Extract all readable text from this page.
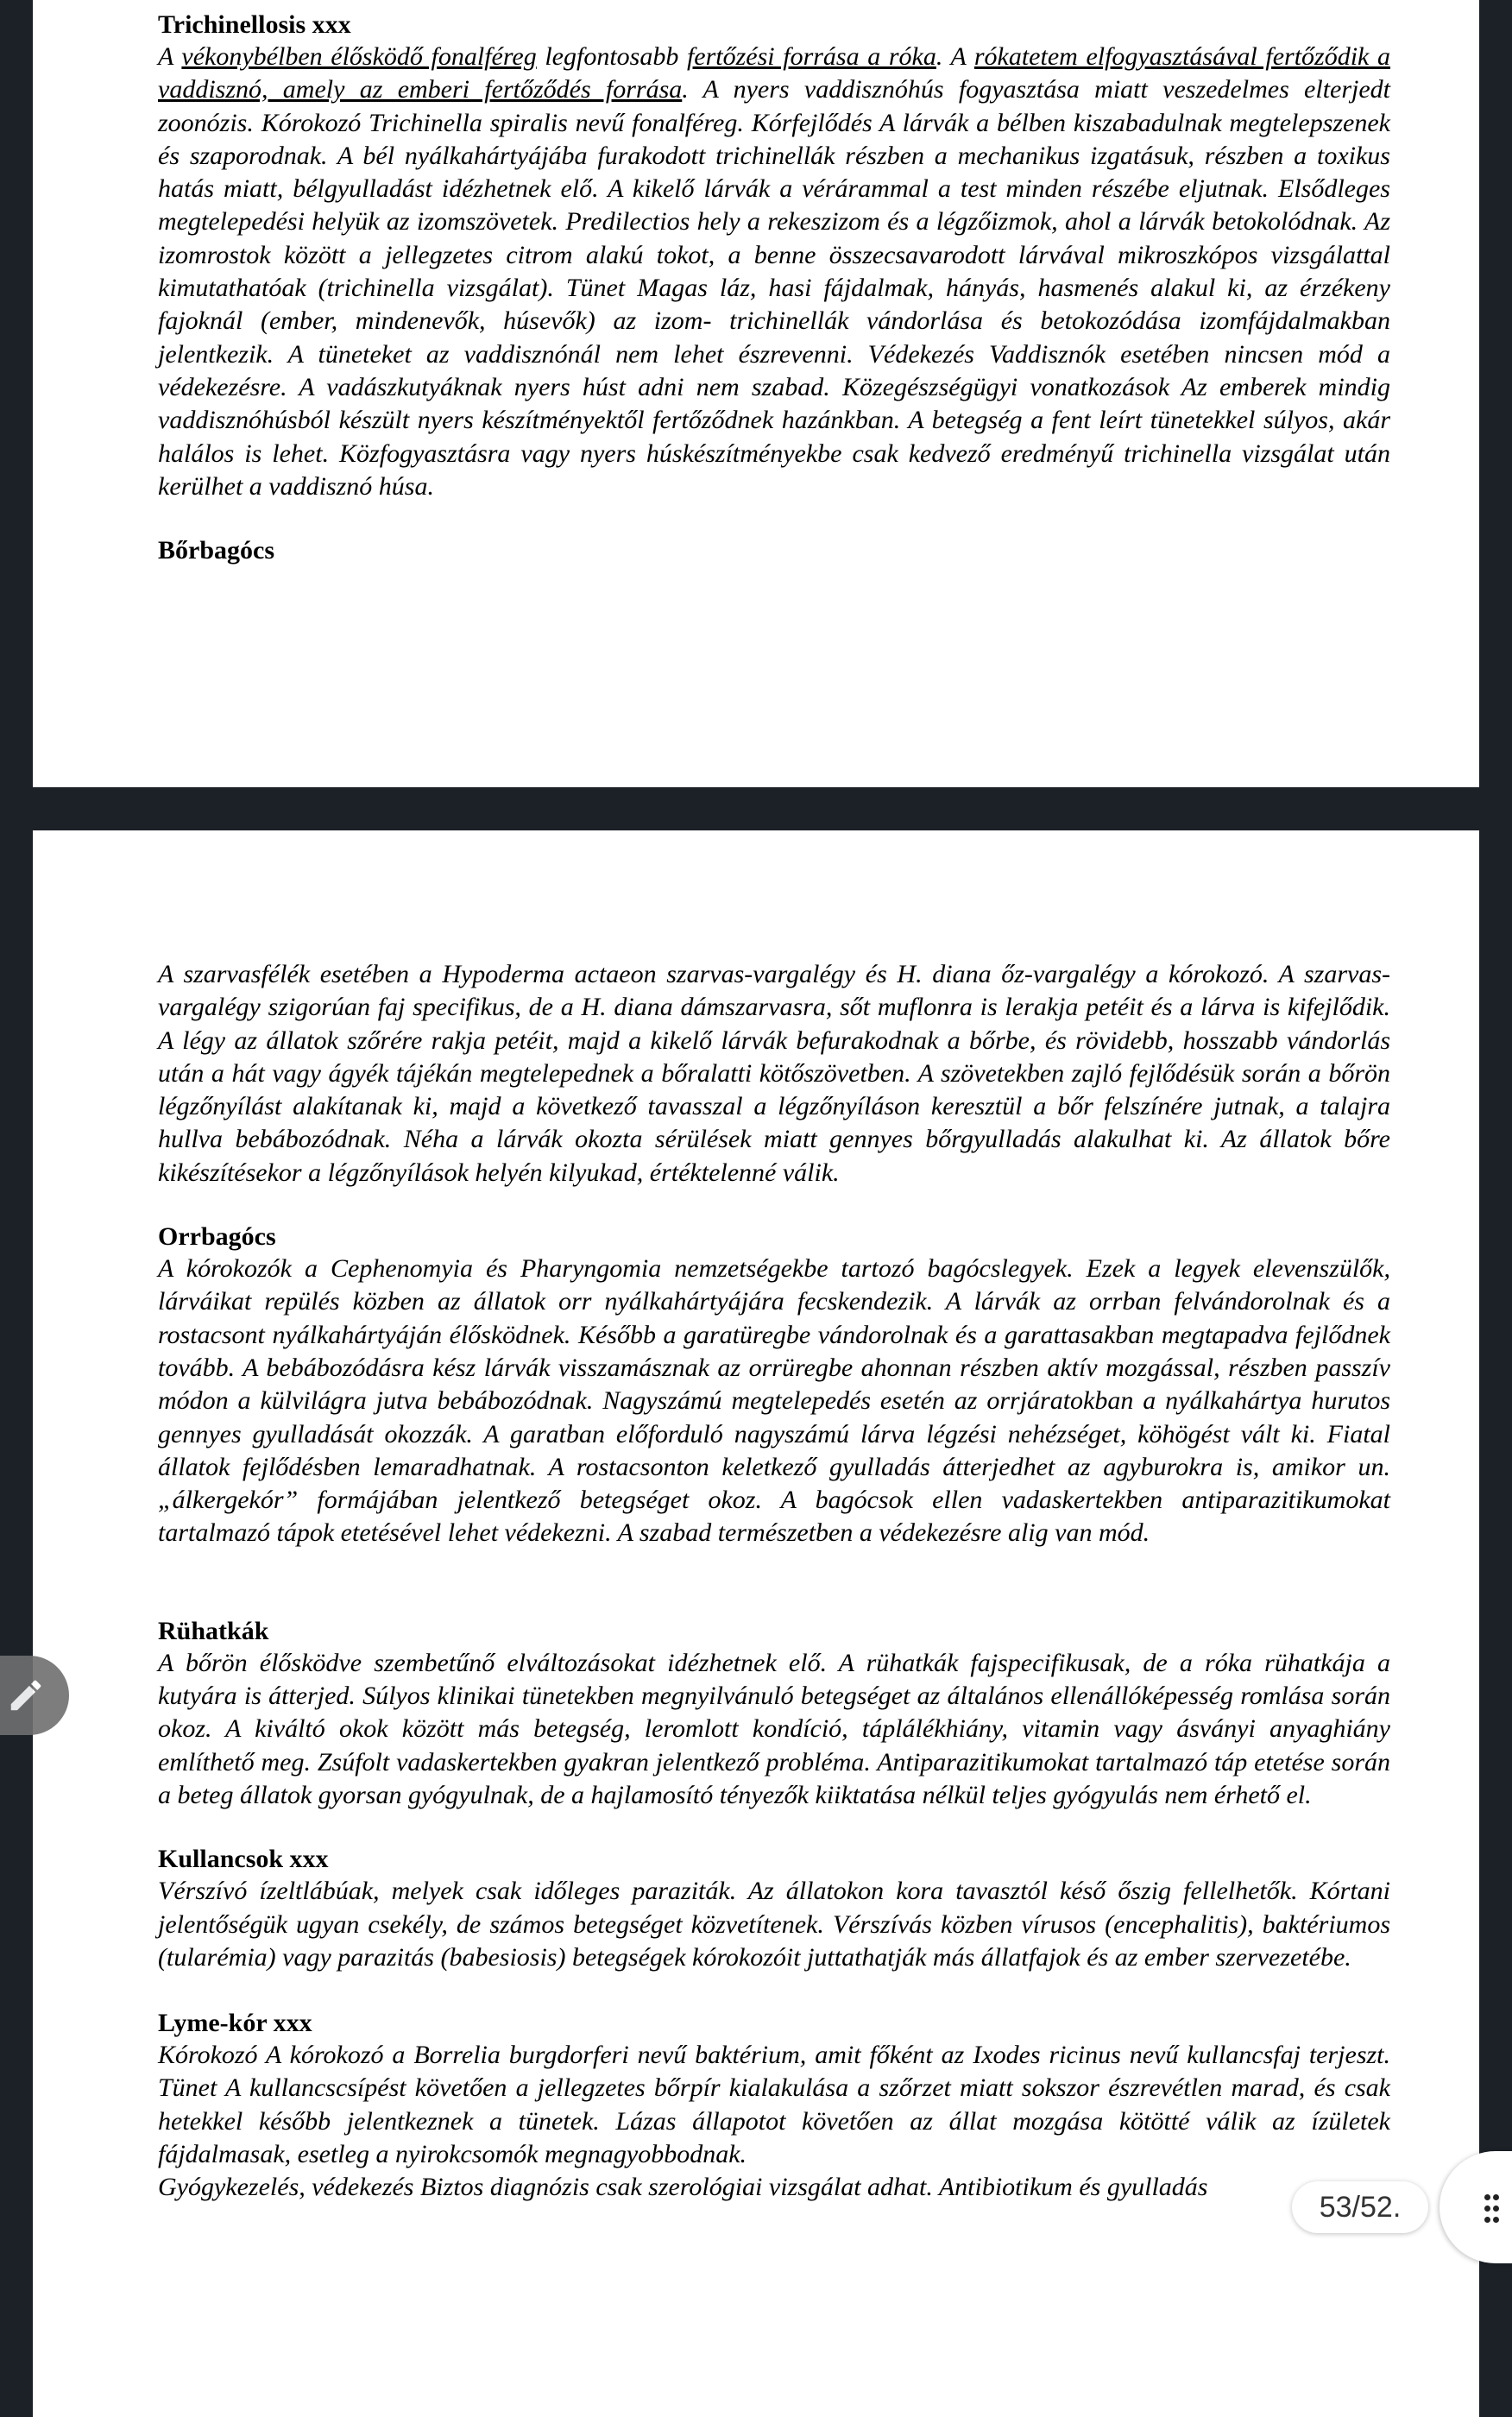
Trichinellosis xxx

A vékonybélben élősködő fonalféreg legfontosabb fertőzési forrása a róka. A rókatetem elfogyasztásával fertőződik a vaddisznó, amely az emberi fertőződés forrása. A nyers vaddisznóhús fogyasztása miatt veszedelmes elterjedt zoonózis. Kórokozó Trichinella spiralis nevű fonalféreg. Kórfejlődés A lárvák a bélben kiszabadulnak megtelepszenek és szaporodnak. A bél nyálkahártyájába furakodott trichinellák részben a mechanikus izgatásuk, részben a toxikus hatás miatt, bélgyulladást idézhetnek elő. A kikelő lárvák a vérárammal a test minden részébe eljutnak. Elsődleges megtelepedési helyük az izomszövetek. Predilectios hely a rekeszizom és a légzőizmok, ahol a lárvák betokolódnak. Az izomrostok között a jellegzetes citrom alakú tokot, a benne összecsavarodott lárvával mikroszkópos vizsgálattal kimutathatóak (trichinella vizsgálat). Tünet Magas láz, hasi fájdalmak, hányás, hasmenés alakul ki, az érzékeny fajoknál (ember, mindenevők, húsevők) az izom- trichinellák vándorlása és betokozódása izomfájdalmakban jelentkezik. A tüneteket az vaddisznónál nem lehet észrevenni. Védekezés Vaddisznók esetében nincsen mód a védekezésre. A vadászkutyáknak nyers húst adni nem szabad. Közegészségügyi vonatkozások Az emberek mindig vaddisznóhúsból készült nyers készítményektől fertőződnek hazánkban. A betegség a fent leírt tünetekkel súlyos, akár halálos is lehet. Közfogyasztásra vagy nyers húskészítményekbe csak kedvező eredményű trichinella vizsgálat után kerülhet a vaddisznó húsa.

Bőrbagócs

A szarvasfélék esetében a Hypoderma actaeon szarvas-vargalégy és H. diana őz-vargalégy a kórokozó. A szarvas-vargalégy szigorúan faj specifikus, de a H. diana dámszarvasra, sőt muflonra is lerakja petéit és a lárva is kifejlődik. A légy az állatok szőrére rakja petéit, majd a kikelő lárvák befurakodnak a bőrbe, és rövidebb, hosszabb vándorlás után a hát vagy ágyék tájékán megtelepednek a bőralatti kötőszövetben. A szövetekben zajló fejlődésük során a bőrön légzőnyílást alakítanak ki, majd a következő tavasszal a légzőnyíláson keresztül a bőr felszínére jutnak, a talajra hullva bebábozódnak. Néha a lárvák okozta sérülések miatt gennyes bőrgyulladás alakulhat ki. Az állatok bőre kikészítésekor a légzőnyílások helyén kilyukad, értéktelenné válik.

Orrbagócs

A kórokozók a Cephenomyia és Pharyngomia nemzetségekbe tartozó bagócslegyek. Ezek a legyek elevenszülők, lárváikat repülés közben az állatok orr nyálkahártyájára fecskendezik. A lárvák az orrban felvándorolnak és a rostacsont nyálkahártyáján élősködnek. Később a garatüregbe vándorolnak és a garattasakban megtapadva fejlődnek tovább. A bebábozódásra kész lárvák visszamásznak az orrüregbe ahonnan részben aktív mozgással, részben passzív módon a külvilágra jutva bebábozódnak. Nagyszámú megtelepedés esetén az orrjáratokban a nyálkahártya hurutos gennyes gyulladását okozzák. A garatban előforduló nagyszámú lárva légzési nehézséget, köhögést vált ki. Fiatal állatok fejlődésben lemaradhatnak. A rostacsonton keletkező gyulladás átterjedhet az agyburokra is, amikor un. „álkergekór” formájában jelentkező betegséget okoz. A bagócsok ellen vadaskertekben antiparazitikumokat tartalmazó tápok etetésével lehet védekezni. A szabad természetben a védekezésre alig van mód.

Rühatkák

A bőrön élősködve szembetűnő elváltozásokat idézhetnek elő. A rühatkák fajspecifikusak, de a róka rühatkája a kutyára is átterjed. Súlyos klinikai tünetekben megnyilvánuló betegséget az általános ellenállóképesség romlása során okoz. A kiváltó okok között más betegség, leromlott kondíció, táplálékhiány, vitamin vagy ásványi anyaghiány említhető meg. Zsúfolt vadaskertekben gyakran jelentkező probléma. Antiparazitikumokat tartalmazó táp etetése során a beteg állatok gyorsan gyógyulnak, de a hajlamosító tényezők kiiktatása nélkül teljes gyógyulás nem érhető el.

Kullancsok xxx

Vérszívó ízeltlábúak, melyek csak időleges paraziták. Az állatokon kora tavasztól késő őszig fellelhetők. Kórtani jelentőségük ugyan csekély, de számos betegséget közvetítenek. Vérszívás közben vírusos (encephalitis), baktériumos (tularémia) vagy parazitás (babesiosis) betegségek kórokozóit juttathatják más állatfajok és az ember szervezetébe.

Lyme-kór xxx

Kórokozó A kórokozó a Borrelia burgdorferi nevű baktérium, amit főként az Ixodes ricinus nevű kullancsfaj terjeszt. Tünet A kullancscsípést követően a jellegzetes bőrpír kialakulása a szőrzet miatt sokszor észrevétlen marad, és csak hetekkel később jelentkeznek a tünetek. Lázas állapotot követően az állat mozgása kötötté válik az ízületek fájdalmasak, esetleg a nyirokcsomók megnagyobbodnak.

Gyógykezelés, védekezés Biztos diagnózis csak szerológiai vizsgálat adhat. Antibiotikum és gyulladás

53/52.
